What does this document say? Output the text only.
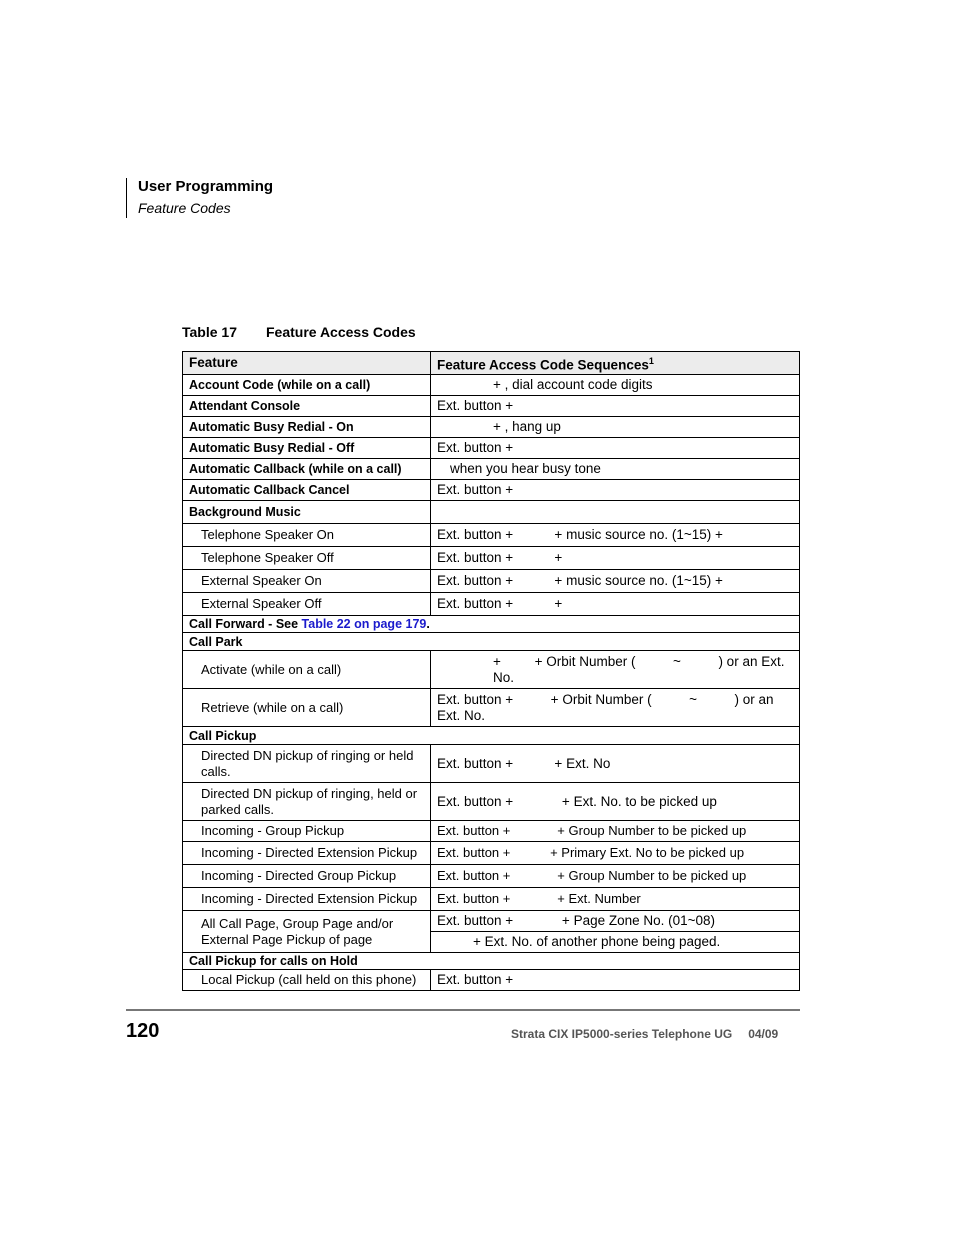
User Programming
Feature Codes
Table 17 Feature Access Codes
Feature	Feature Access Code Sequences$^1$
Account Code (while on a call)	+ , dial account code digits
Attendant Console	Ext. button +
Automatic Busy Redial - On	+ , hang up
Automatic Busy Redial - Off	Ext. button +
Automatic Callback (while on a call)	when you hear busy tone
Automatic Callback Cancel	Ext. button +
Background Music	
Telephone Speaker On	Ext. button +           + music source no. (1~15) +
Telephone Speaker Off	Ext. button +           +
External Speaker On	Ext. button +           + music source no. (1~15) +
External Speaker Off	Ext. button +           +
Call Forward - See Table 22 on page 179.	
Call Park	
Activate (while on a call)	+         + Orbit Number (          ~          ) or an Ext. No.
Retrieve (while on a call)	Ext. button +          + Orbit Number (          ~          ) or an Ext. No.
Call Pickup	
Directed DN pickup of ringing or held calls.	Ext. button +           + Ext. No
Directed DN pickup of ringing, held or parked calls.	Ext. button +             + Ext. No. to be picked up
Incoming - Group Pickup	Ext. button +             + Group Number to be picked up
Incoming - Directed Extension Pickup	Ext. button +           + Primary Ext. No to be picked up
Incoming - Directed Group Pickup	Ext. button +             + Group Number to be picked up
Incoming - Directed Extension Pickup	Ext. button +             + Ext. Number
All Call Page, Group Page and/or External Page Pickup of page	Ext. button +             + Page Zone No. (01~08)
	+ Ext. No. of another phone being paged.
Call Pickup for calls on Hold	
Local Pickup (call held on this phone)	Ext. button +
120	Strata CIX IP5000-series Telephone UG 04/09
